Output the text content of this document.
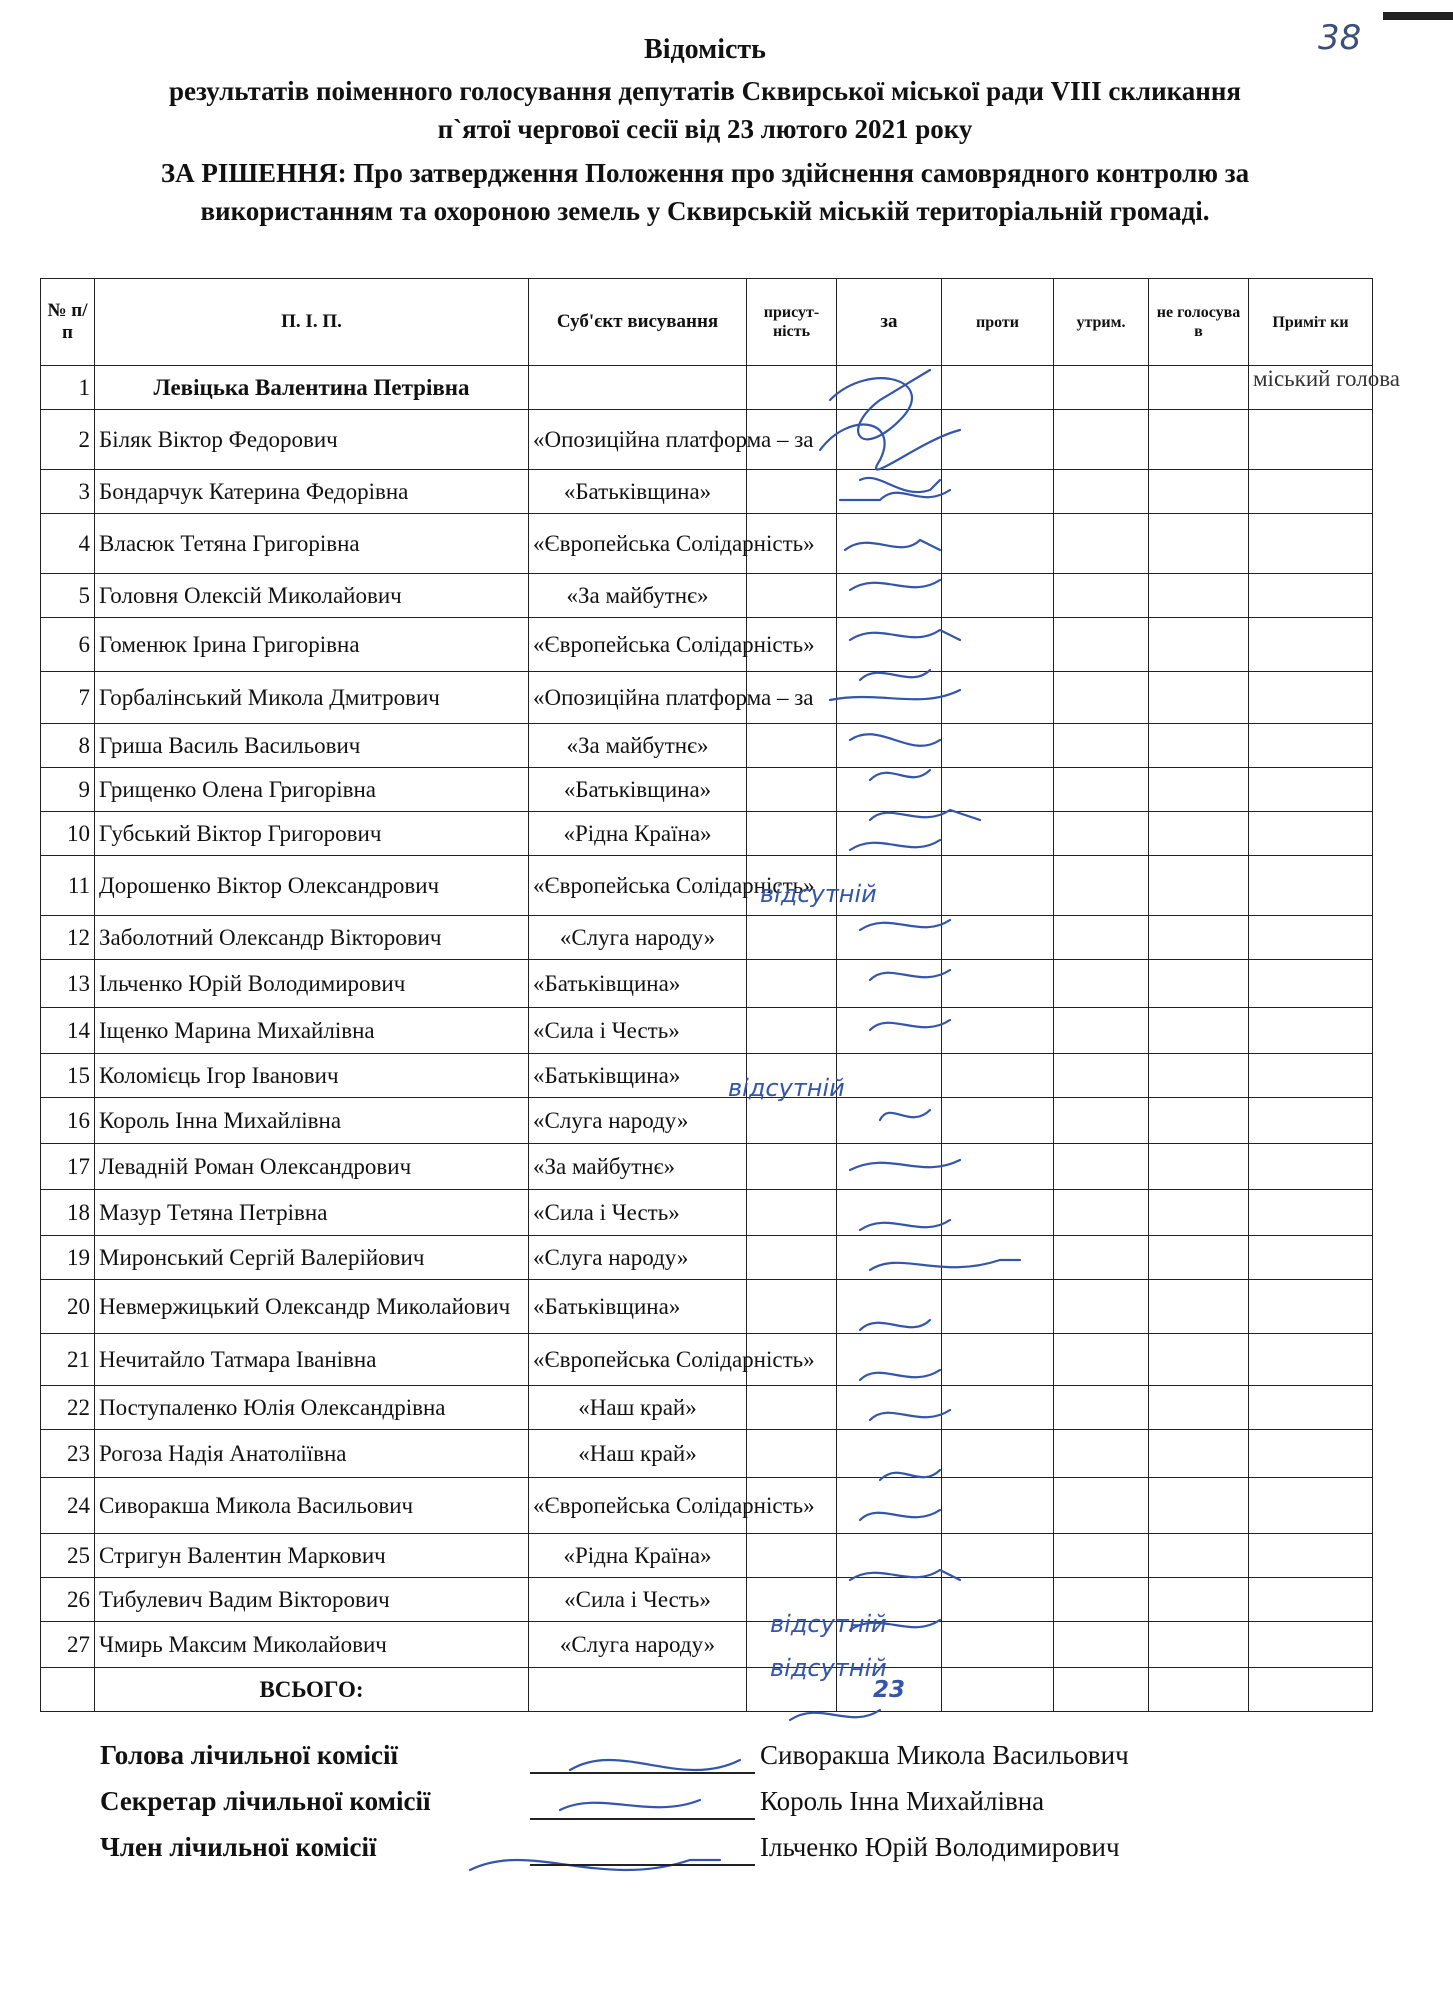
38
Відомість
результатів поіменного голосування депутатів Сквирської міської ради VIII скликання
п`ятої чергової сесії від 23 лютого 2021 року
ЗА РІШЕННЯ: Про затвердження Положення про здійснення самоврядного контролю за
використанням та охороною земель у Сквирській міській територіальній громаді.
№ п/п	П. І. П.	Суб'єкт висування	присут-ність	за	проти	утрим.	не голосува в	Приміт ки
1	Левіцька Валентина Петрівна							міський голова
2	Біляк Віктор Федорович	«Опозиційна платформа – за						
3	Бондарчук Катерина Федорівна	«Батьківщина»						
4	Власюк Тетяна Григорівна	«Європейська Солідарність»						
5	Головня Олексій Миколайович	«За майбутнє»						
6	Гоменюк Ірина Григорівна	«Європейська Солідарність»						
7	Горбалінський Микола Дмитрович	«Опозиційна платформа – за						
8	Гриша Василь Васильович	«За майбутнє»						
9	Грищенко Олена Григорівна	«Батьківщина»						
10	Губський Віктор Григорович	«Рідна Країна»						
11	Дорошенко Віктор Олександрович	«Європейська Солідарність»						
12	Заболотний Олександр Вікторович	«Слуга народу»						
13	Ільченко Юрій Володимирович	«Батьківщина»						
14	Іщенко Марина Михайлівна	«Сила і Честь»						
15	Коломієць Ігор Іванович	«Батьківщина»						
16	Король Інна Михайлівна	«Слуга народу»						
17	Левадній Роман Олександрович	«За майбутнє»						
18	Мазур Тетяна Петрівна	«Сила і Честь»						
19	Миронський Сергій Валерійович	«Слуга народу»						
20	Невмержицький Олександр Миколайович	«Батьківщина»						
21	Нечитайло Татмара Іванівна	«Європейська Солідарність»						
22	Поступаленко Юлія Олександрівна	«Наш край»						
23	Рогоза Надія Анатоліївна	«Наш край»						
24	Сиворакша Микола Васильович	«Європейська Солідарність»						
25	Стригун Валентин Маркович	«Рідна Країна»						
26	Тибулевич Вадим Вікторович	«Сила і Честь»						
27	Чмирь Максим Миколайович	«Слуга народу»						
	ВСЬОГО:			23				
відсутній
відсутній
відсутній
відсутній
Голова лічильної комісії	Сиворакша Микола Васильович
Секретар лічильної комісії	Король Інна Михайлівна
Член лічильної комісії	Ільченко Юрій Володимирович
